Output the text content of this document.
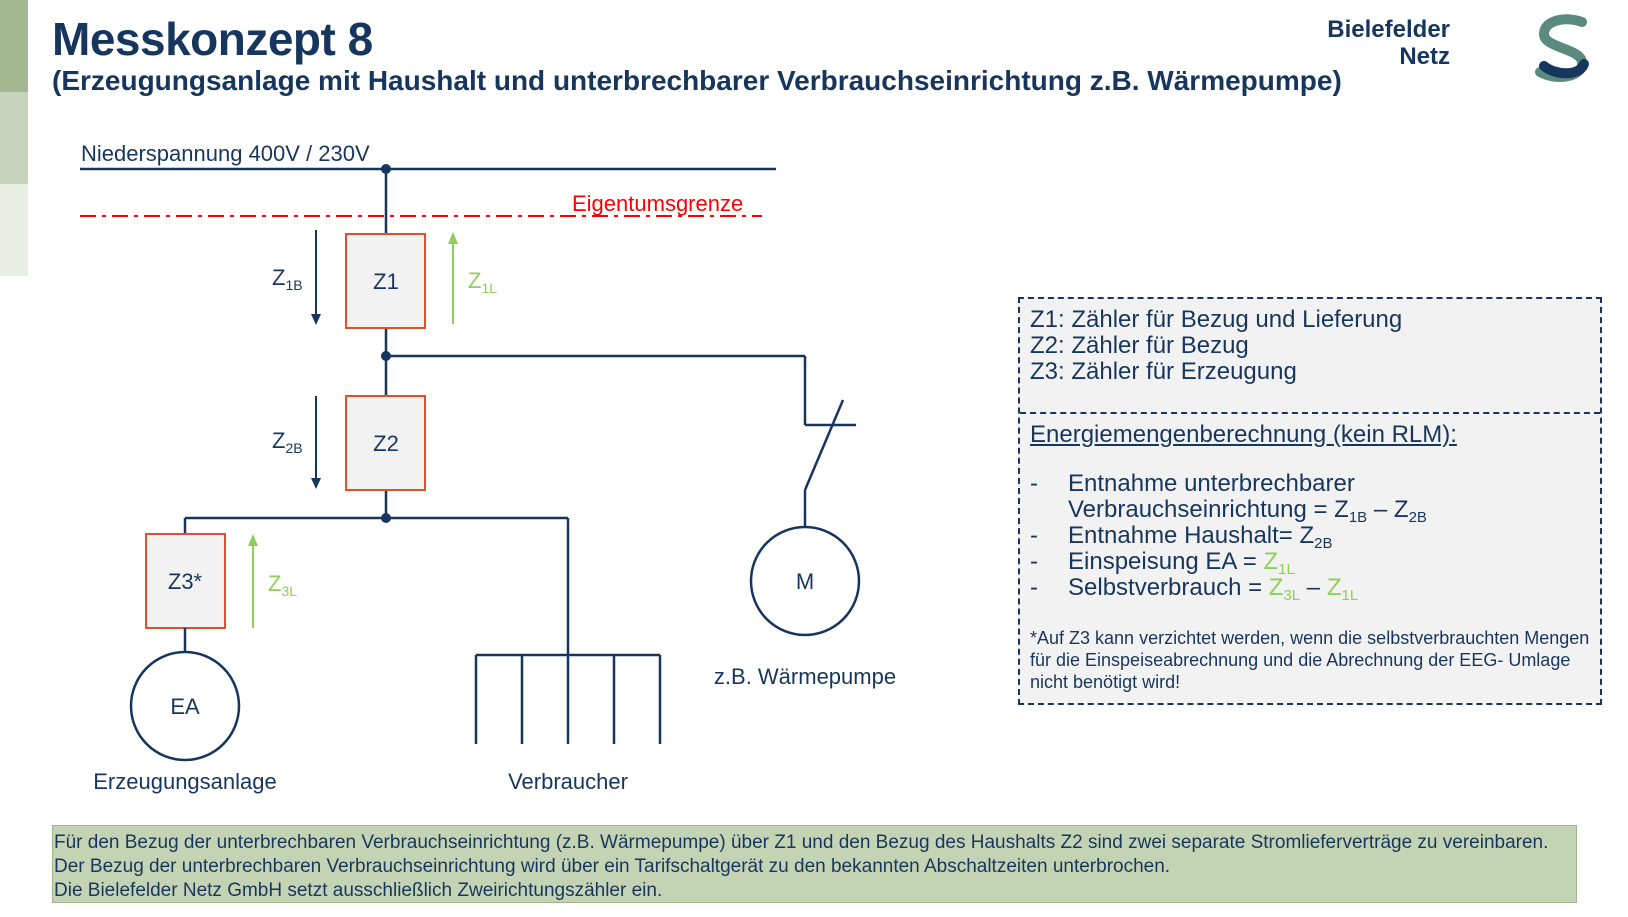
Messkonzept 8
(Erzeugungsanlage mit Haushalt und unterbrechbarer Verbrauchseinrichtung z.B. Wärmepumpe)
Bielefelder
Netz
Niederspannung 400V / 230V
Eigentumsgrenze
Z1
$Z_{1B}$	$Z_{1L}$
M
z.B. Wärmepumpe
Z2
$Z_{2B}$
Z3*	$Z_{3L}$
EA
Erzeugungsanlage	Verbraucher
Z1: Zähler für Bezug und Lieferung
Z2: Zähler für Bezug
Z3: Zähler für Erzeugung
Energiemengenberechnung (kein RLM):
- Entnahme unterbrechbarer
Verbrauchseinrichtung = $Z_{1B} - Z_{2B}$
- Entnahme Haushalt= $Z_{2B}$
- Einspeisung EA = $Z_{1L}$
- Selbstverbrauch = $Z_{3L} - Z_{1L}$
*Auf Z3 kann verzichtet werden, wenn die selbstverbrauchten Mengen für die Einspeiseabrechnung und die Abrechnung der EEG- Umlage nicht benötigt wird!
Für den Bezug der unterbrechbaren Verbrauchseinrichtung (z.B. Wärmepumpe) über Z1 und den Bezug des Haushalts Z2 sind zwei separate Stromlieferverträge zu vereinbaren. Der Bezug der unterbrechbaren Verbrauchseinrichtung wird über ein Tarifschaltgerät zu den bekannten Abschaltzeiten unterbrochen.
Die Bielefelder Netz GmbH setzt ausschließlich Zweirichtungszähler ein.
